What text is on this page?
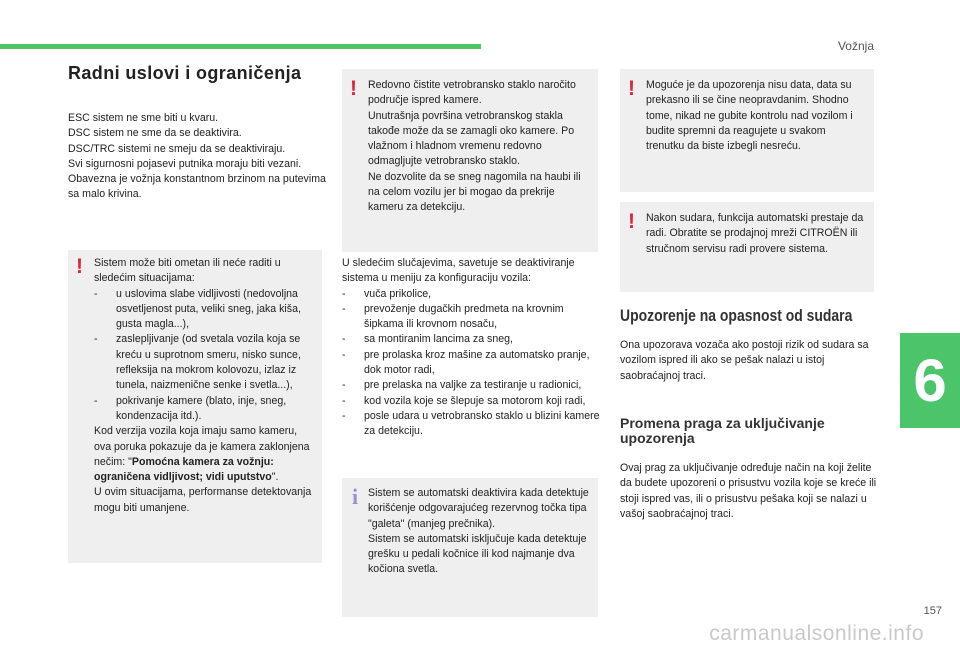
Vožnja
6
157
carmanualsonline.info
Radni uslovi i ograničenja
ESC sistem ne sme biti u kvaru.
DSC sistem ne sme da se deaktivira.
DSC/TRC sistemi ne smeju da se deaktiviraju.
Svi sigurnosni pojasevi putnika moraju biti vezani.
Obavezna je vožnja konstantnom brzinom na putevima sa malo krivina.
! Sistem može biti ometan ili neće raditi u sledećim situacijama:
- u uslovima slabe vidljivosti (nedovoljna osvetljenost puta, veliki sneg, jaka kiša, gusta magla...),
- zaslepljivanje (od svetala vozila koja se kreću u suprotnom smeru, nisko sunce, refleksija na mokrom kolovozu, izlaz iz tunela, naizmenične senke i svetla...),
- pokrivanje kamere (blato, inje, sneg, kondenzacija itd.).
Kod verzija vozila koja imaju samo kameru, ova poruka pokazuje da je kamera zaklonjena nečim: "Pomoćna kamera za vožnju: ograničena vidljivost; vidi uputstvo".
U ovim situacijama, performanse detektovanja mogu biti umanjene.
! Redovno čistite vetrobransko staklo naročito područje ispred kamere.
Unutrašnja površina vetrobranskog stakla takođe može da se zamagli oko kamere. Po vlažnom i hladnom vremenu redovno odmagljujte vetrobransko staklo.
Ne dozvolite da se sneg nagomila na haubi ili na celom vozilu jer bi mogao da prekrije kameru za detekciju.
U sledećim slučajevima, savetuje se deaktiviranje sistema u meniju za konfiguraciju vozila:
- vuča prikolice,
- prevoženje dugačkih predmeta na krovnim šipkama ili krovnom nosaču,
- sa montiranim lancima za sneg,
- pre prolaska kroz mašine za automatsko pranje, dok motor radi,
- pre prelaska na valjke za testiranje u radionici,
- kod vozila koje se šlepuje sa motorom koji radi,
- posle udara u vetrobransko staklo u blizini kamere za detekciju.
i Sistem se automatski deaktivira kada detektuje korišćenje odgovarajućeg rezervnog točka tipa "galeta" (manjeg prečnika).
Sistem se automatski isključuje kada detektuje grešku u pedali kočnice ili kod najmanje dva kočiona svetla.
! Moguće je da upozorenja nisu data, data su prekasno ili se čine neopravdanim. Shodno tome, nikad ne gubite kontrolu nad vozilom i budite spremni da reagujete u svakom trenutku da biste izbegli nesreću.
! Nakon sudara, funkcija automatski prestaje da radi. Obratite se prodajnoj mreži CITROËN ili stručnom servisu radi provere sistema.
Upozorenje na opasnost od sudara
Ona upozorava vozača ako postoji rizik od sudara sa vozilom ispred ili ako se pešak nalazi u istoj saobraćajnoj traci.
Promena praga za uključivanje upozorenja
Ovaj prag za uključivanje određuje način na koji želite da budete upozoreni o prisustvu vozila koje se kreće ili stoji ispred vas, ili o prisustvu pešaka koji se nalazi u vašoj saobraćajnoj traci.
